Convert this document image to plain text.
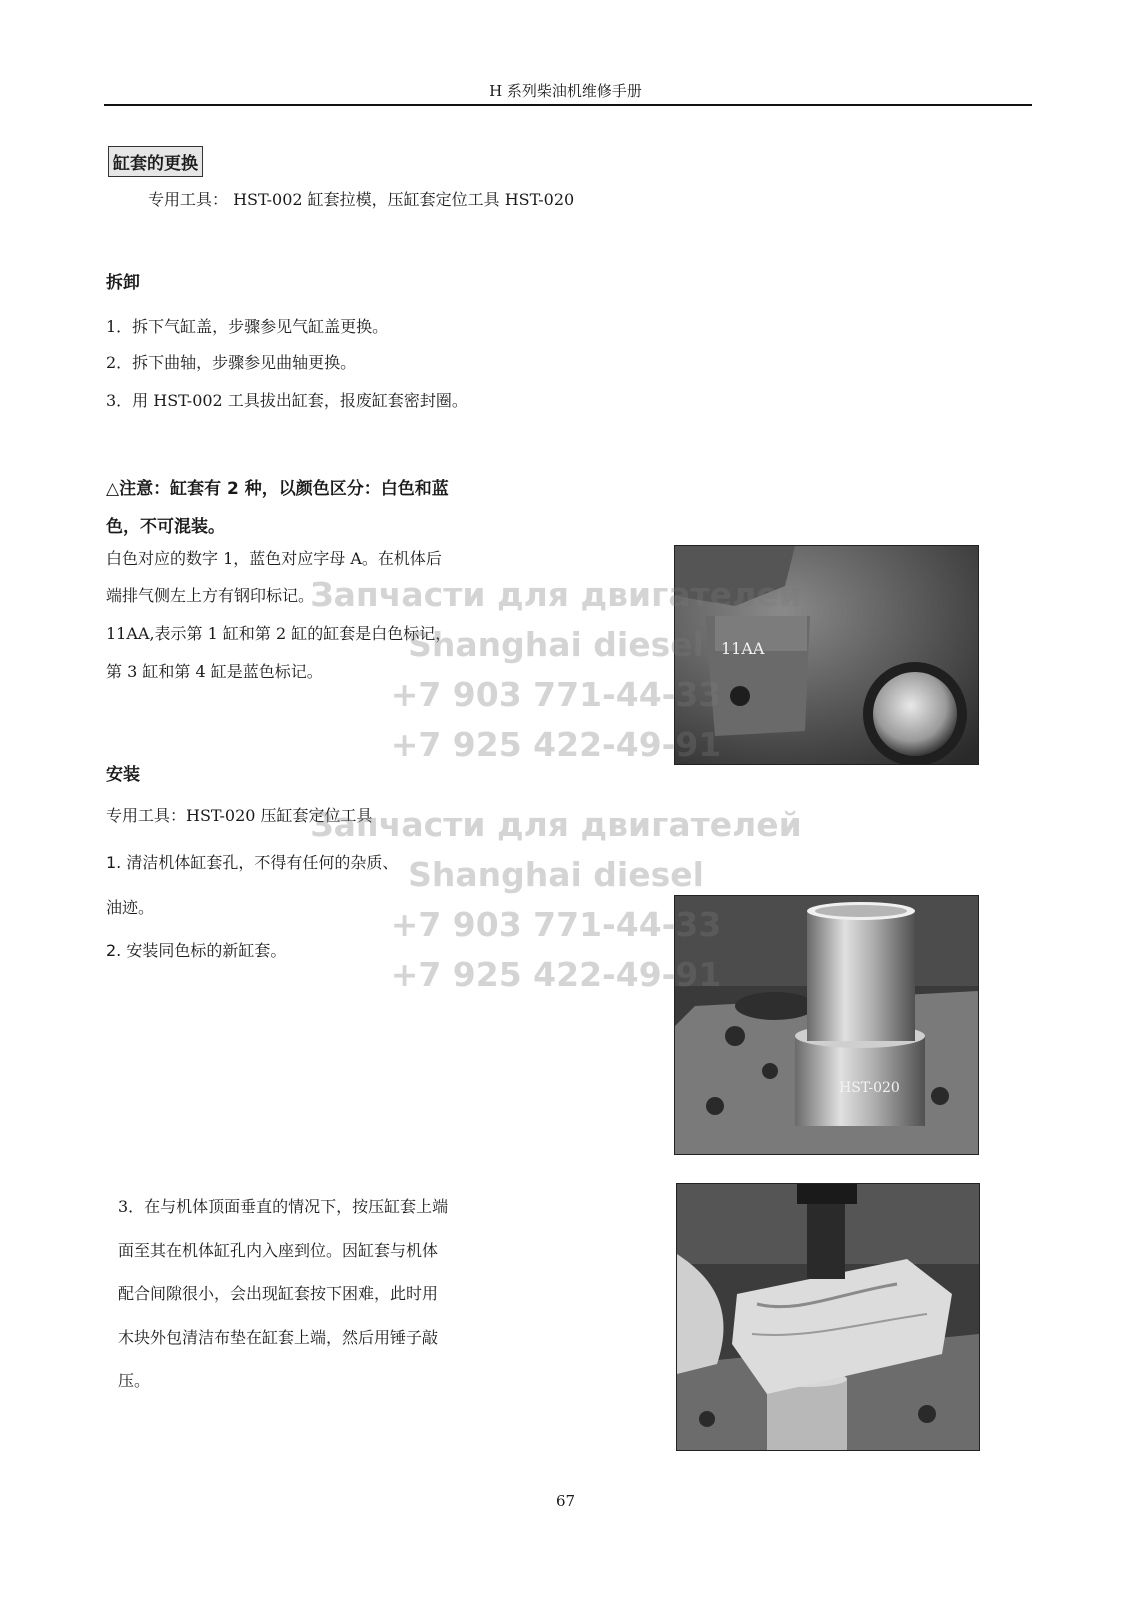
H 系列柴油机维修手册
缸套的更换
专用工具： HST-002 缸套拉模，压缸套定位工具 HST-020
拆卸
1．拆下气缸盖，步骤参见气缸盖更换。
2．拆下曲轴，步骤参见曲轴更换。
3．用 HST-002 工具拔出缸套，报废缸套密封圈。
△注意：缸套有 2 种，以颜色区分：白色和蓝
色，不可混装。
白色对应的数字 1，蓝色对应字母 A。在机体后
端排气侧左上方有钢印标记。
11AA,表示第 1 缸和第 2 缸的缸套是白色标记，
第 3 缸和第 4 缸是蓝色标记。
11AA
安装
专用工具：HST-020 压缸套定位工具
1. 清洁机体缸套孔，不得有任何的杂质、
油迹。
2. 安装同色标的新缸套。
HST-020
3．在与机体顶面垂直的情况下，按压缸套上端
面至其在机体缸孔内入座到位。因缸套与机体
配合间隙很小，会出现缸套按下困难，此时用
木块外包清洁布垫在缸套上端，然后用锤子敲
压。
Запчасти для двигателей
Shanghai diesel
+7 903 771-44-33
+7 925 422-49-91
Запчасти для двигателей
Shanghai diesel
+7 903 771-44-33
+7 925 422-49-91
67
